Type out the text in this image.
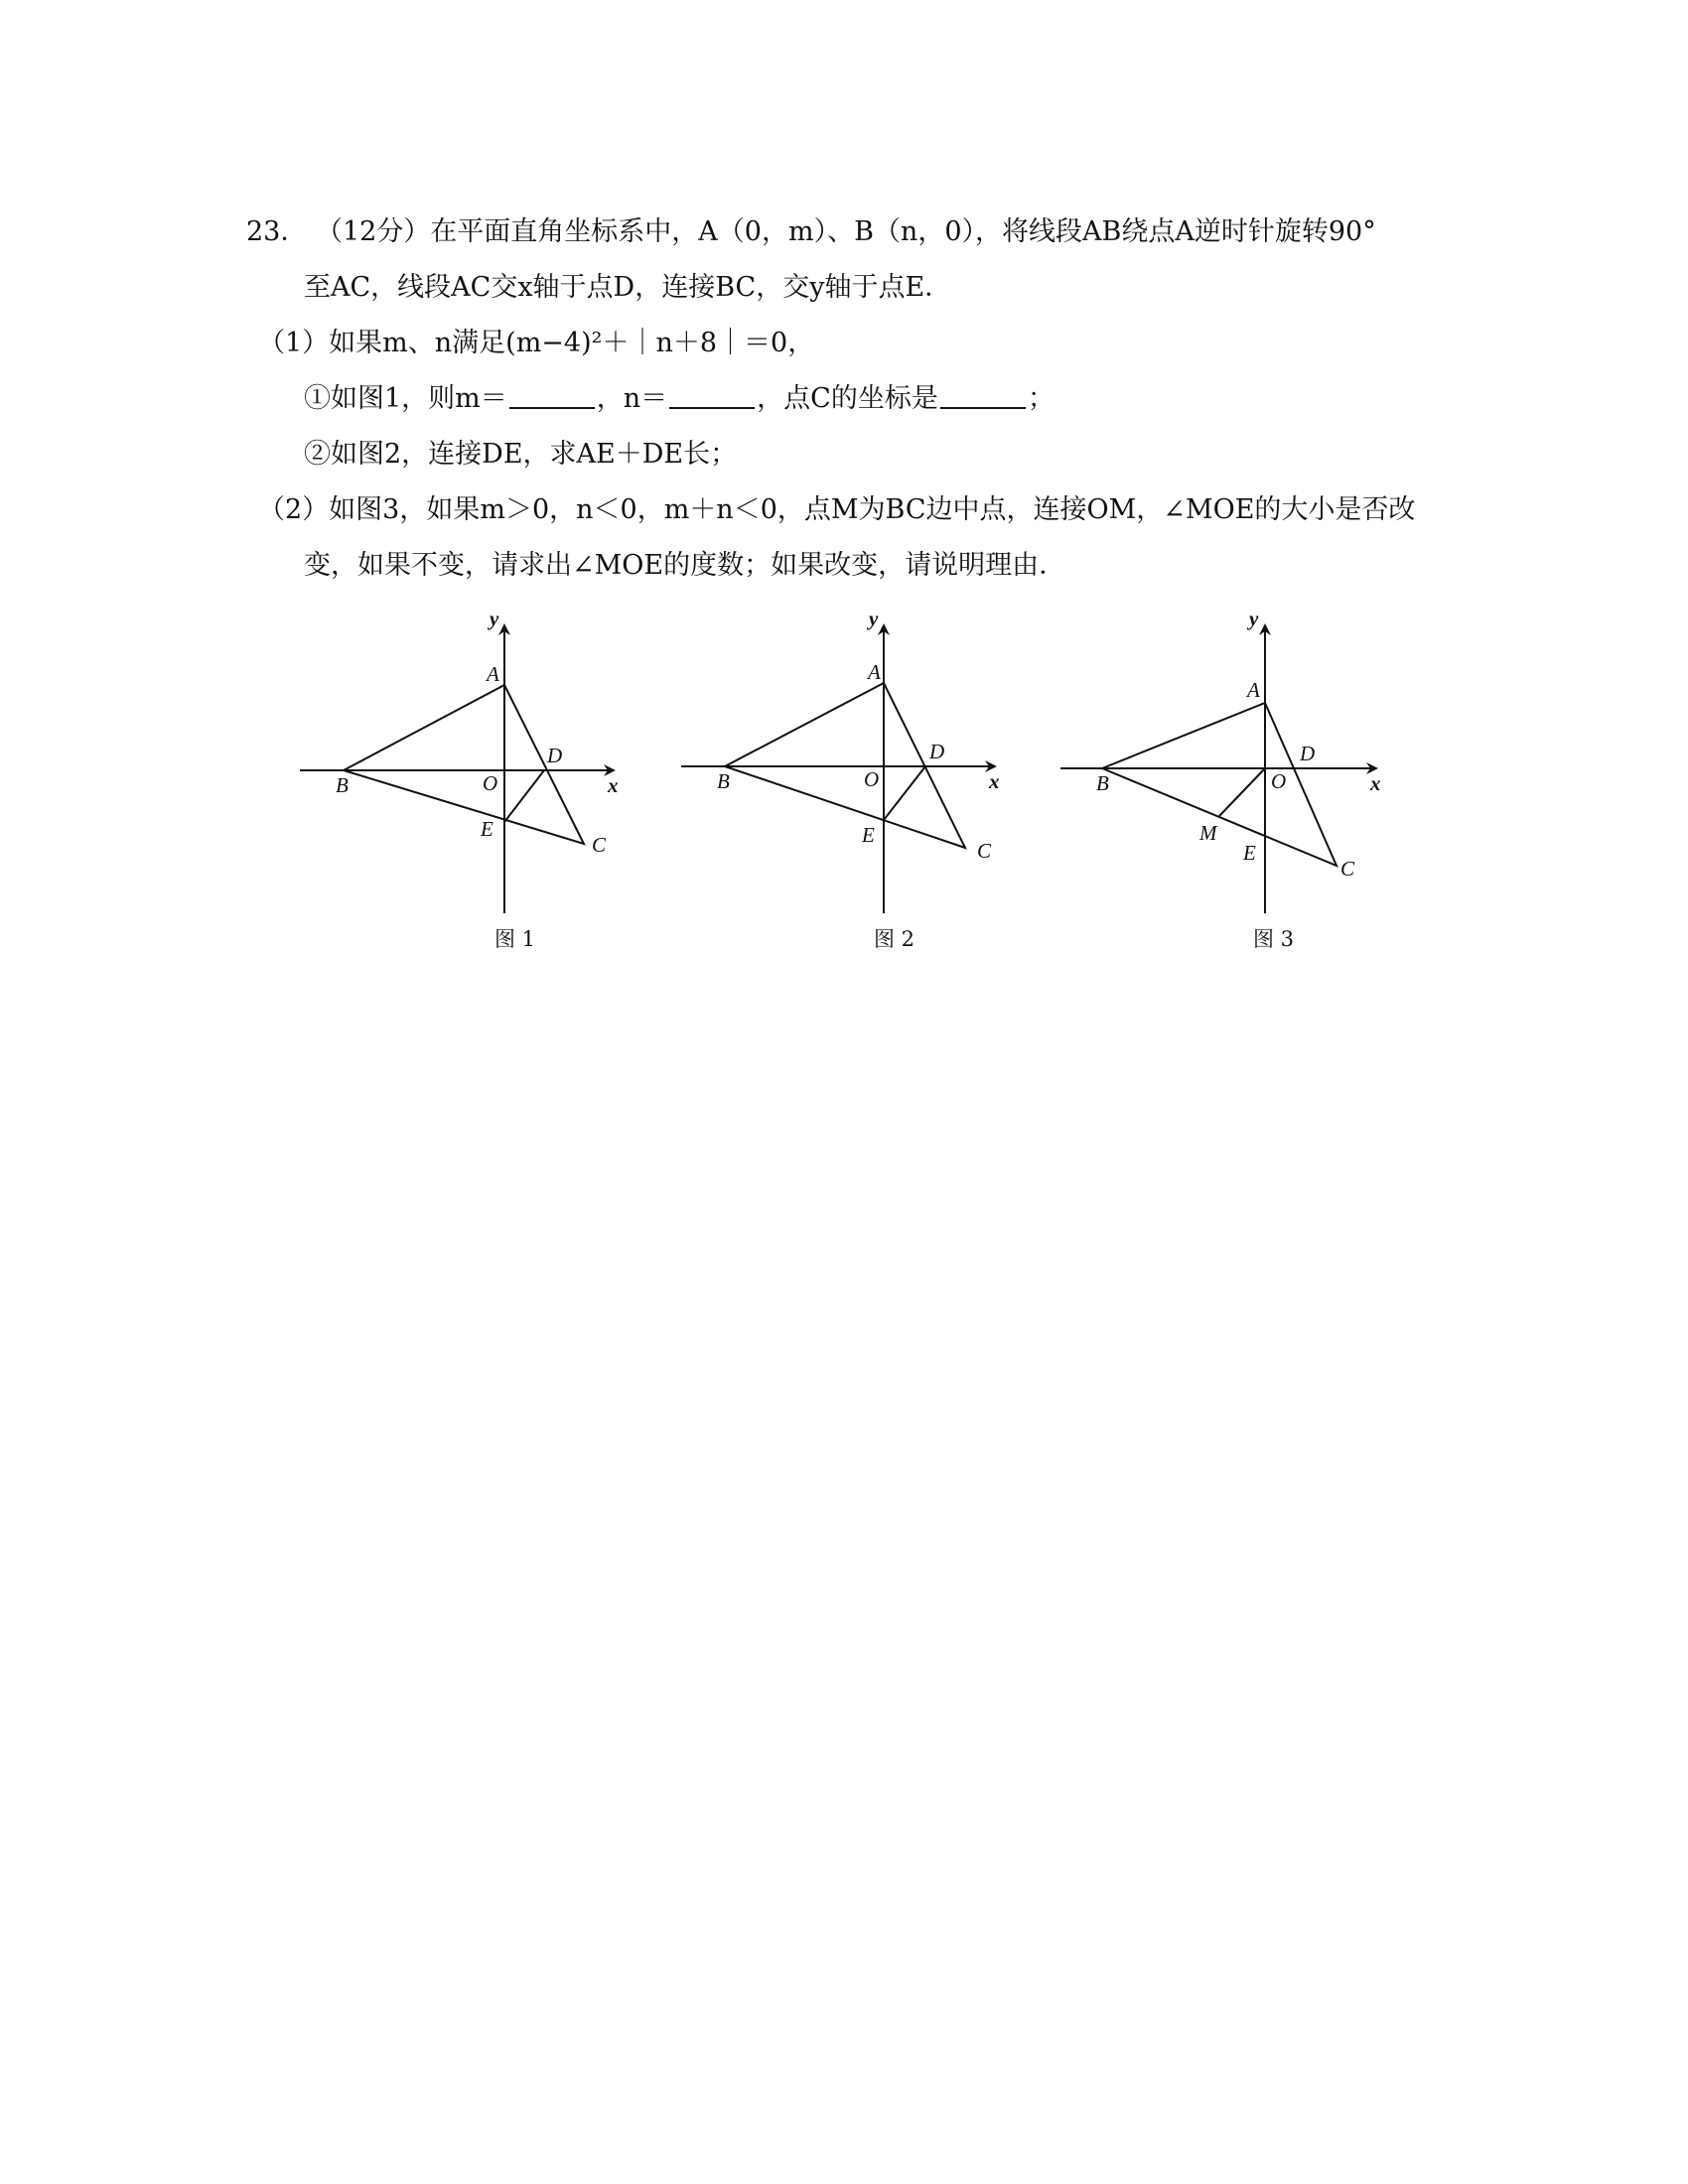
23． （12分）在平面直角坐标系中，A（0，m）、B（n，0），将线段AB绕点A逆时针旋转90°
至AC，线段AC交x轴于点D，连接BC，交y轴于点E．
（1）如果m、n满足(m−4)²＋｜n＋8｜＝0，
①如图1，则m＝	，n＝	，点C的坐标是	；
②如图2，连接DE，求AE＋DE长；
（2）如图3，如果m＞0，n＜0，m＋n＜0，点M为BC边中点，连接OM，∠MOE的大小是否改
变，如果不变，请求出∠MOE的度数；如果改变，请说明理由．
y
A
D
x
B	O
E
C
y
A
D
x
B	O
E
C
y
A
D
x
B	O
E
M
C
图 1	图 2	图 3
